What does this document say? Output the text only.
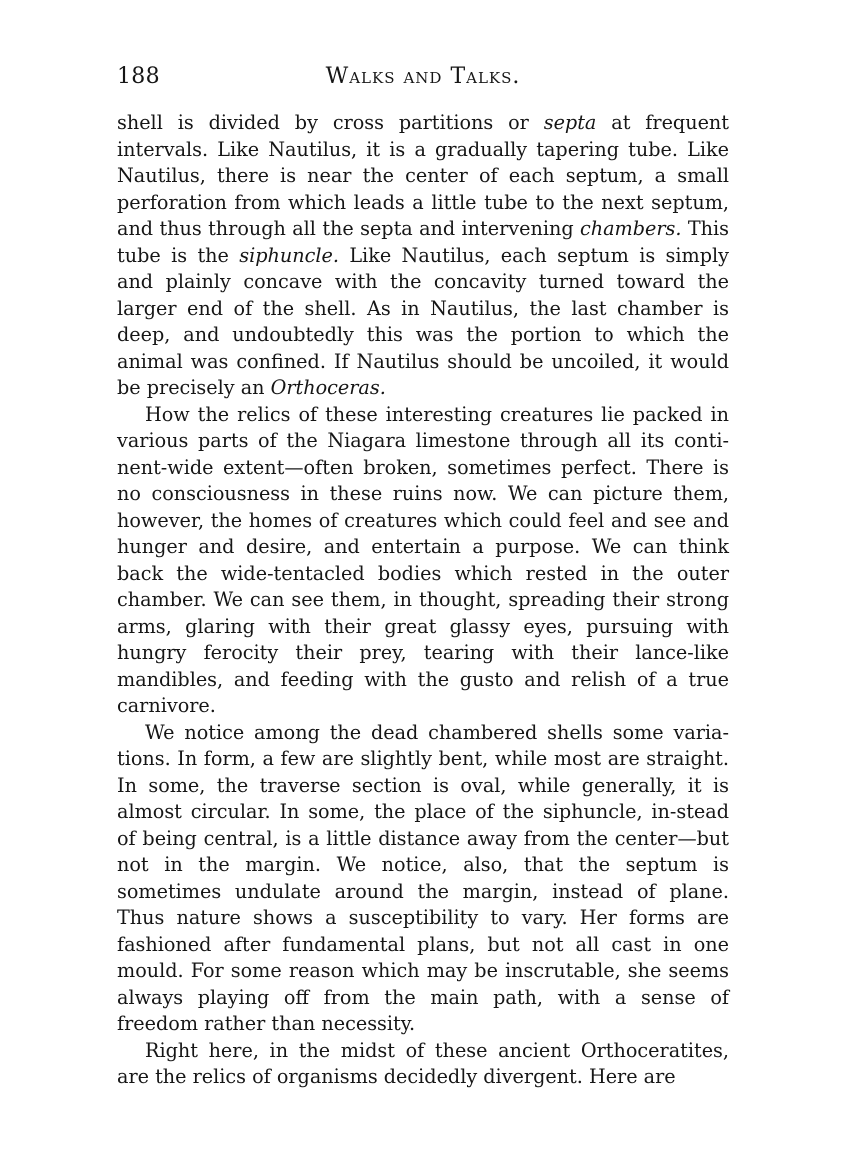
188	Walks and Talks.

shell is divided by cross partitions or septa at frequent intervals. Like Nautilus, it is a gradually tapering tube. Like Nautilus, there is near the center of each septum, a small perforation from which leads a little tube to the next septum, and thus through all the septa and intervening chambers. This tube is the siphuncle. Like Nautilus, each septum is simply and plainly concave with the concavity turned toward the larger end of the shell. As in Nautilus, the last chamber is deep, and undoubtedly this was the portion to which the animal was confined. If Nautilus should be uncoiled, it would be precisely an Orthoceras.

How the relics of these interesting creatures lie packed in various parts of the Niagara limestone through all its conti-nent-wide extent—often broken, sometimes perfect. There is no consciousness in these ruins now. We can picture them, however, the homes of creatures which could feel and see and hunger and desire, and entertain a purpose. We can think back the wide-tentacled bodies which rested in the outer chamber. We can see them, in thought, spreading their strong arms, glaring with their great glassy eyes, pursuing with hungry ferocity their prey, tearing with their lance-like mandibles, and feeding with the gusto and relish of a true carnivore.

We notice among the dead chambered shells some varia-tions. In form, a few are slightly bent, while most are straight. In some, the traverse section is oval, while generally, it is almost circular. In some, the place of the siphuncle, in-stead of being central, is a little distance away from the center—but not in the margin. We notice, also, that the septum is sometimes undulate around the margin, instead of plane. Thus nature shows a susceptibility to vary. Her forms are fashioned after fundamental plans, but not all cast in one mould. For some reason which may be inscrutable, she seems always playing off from the main path, with a sense of freedom rather than necessity.

Right here, in the midst of these ancient Orthoceratites, are the relics of organisms decidedly divergent. Here are
